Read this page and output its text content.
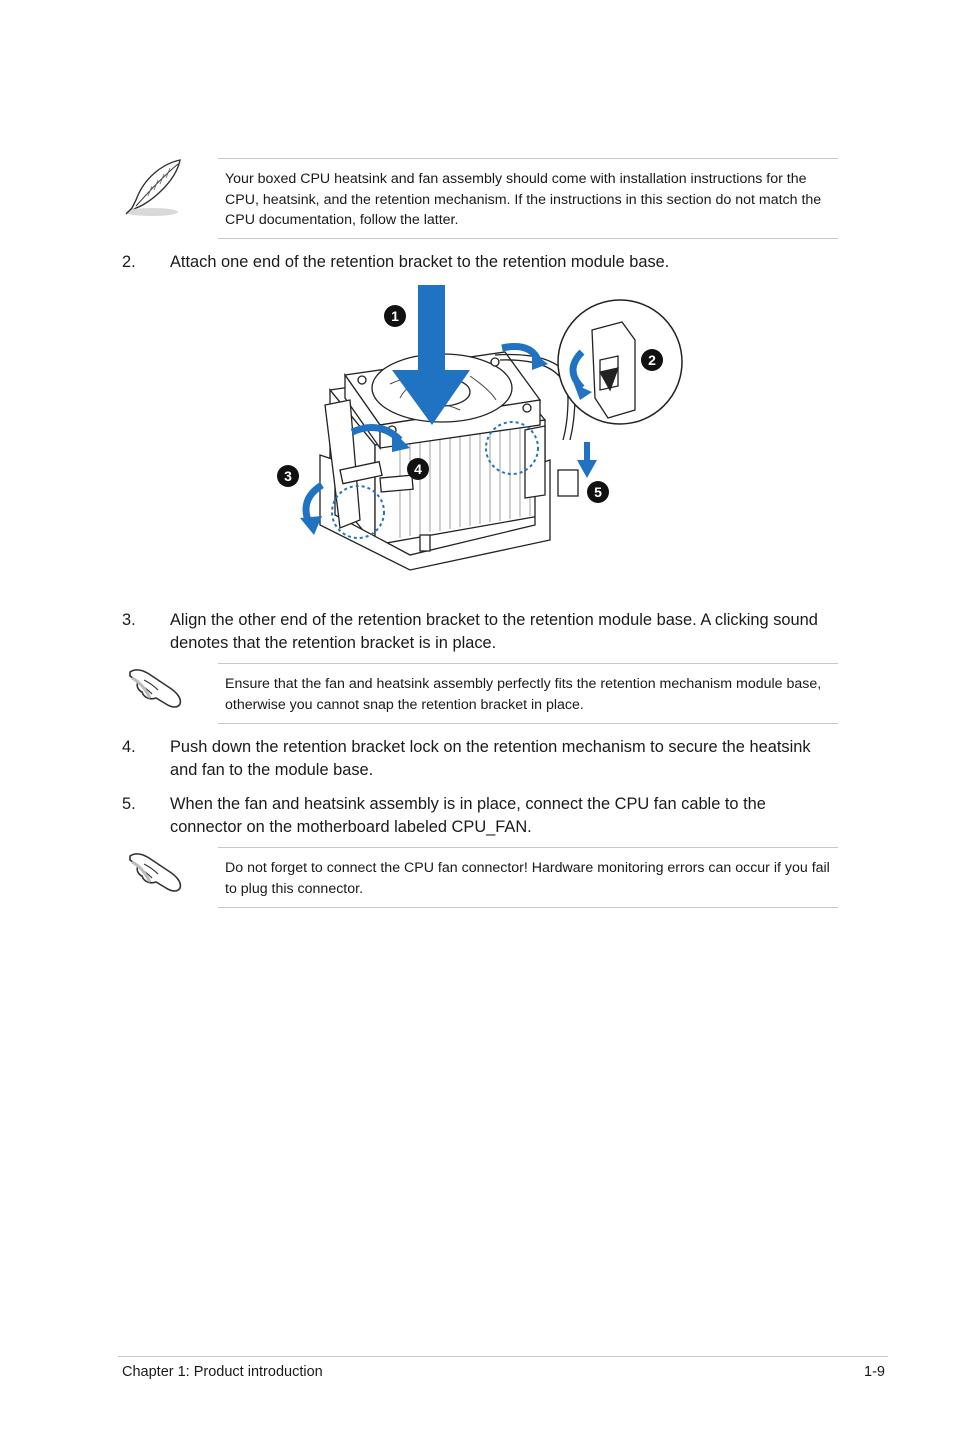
Your boxed CPU heatsink and fan assembly should come with installation instructions for the CPU, heatsink, and the retention mechanism. If the instructions in this section do not match the CPU documentation, follow the latter.
2. Attach one end of the retention bracket to the retention module base.
1
2
3	4
5
3. Align the other end of the retention bracket to the retention module base. A clicking sound denotes that the retention bracket is in place.
Ensure that the fan and heatsink assembly perfectly fits the retention mechanism module base, otherwise you cannot snap the retention bracket in place.
4. Push down the retention bracket lock on the retention mechanism to secure the heatsink and fan to the module base.
5. When the fan and heatsink assembly is in place, connect the CPU fan cable to the connector on the motherboard labeled CPU_FAN.
Do not forget to connect the CPU fan connector! Hardware monitoring errors can occur if you fail to plug this connector.
Chapter 1: Product introduction	1-9
